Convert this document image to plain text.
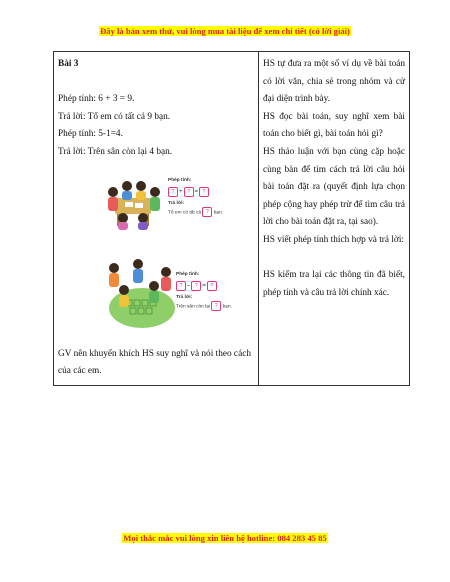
Đây là bản xem thử, vui lòng mua tài liệu để xem chi tiết (có lời giải)

Bài 3

Phép tính: 6 + 3 = 9.

Trả lời: Tổ em có tất cả 9 bạn.

Phép tính: 5-1=4.

Trả lời: Trên sân còn lại 4 bạn.

Phép tính:
? + ? = ?
Trả lời:
Tổ em có tất cả ? bạn.
Phép tính:
? – ? = ?
Trả lời:
Trên sân còn lại ? bạn.

GV nên khuyến khích HS suy nghĩ và nói theo cách của các em.

HS tự đưa ra một số ví dụ về bài toán có lời văn, chia sẻ trong nhóm và cử đại diện trình bày.

HS đọc bài toán, suy nghĩ xem bài toán cho biết gì, bài toán hỏi gì?

HS thảo luận với bạn cùng cặp hoặc cùng bàn để tìm cách trả lời câu hỏi bài toán đặt ra (quyết định lựa chọn phép cộng hay phép trừ để tìm câu trả lời cho bài toán đặt ra, tại sao).

HS viết phép tính thích hợp và trả lời:

HS kiểm tra lại các thông tin đã biết, phép tính và câu trả lời chính xác.

Mọi thắc mắc vui lòng xin liên hệ hotline: 084 283 45 85
